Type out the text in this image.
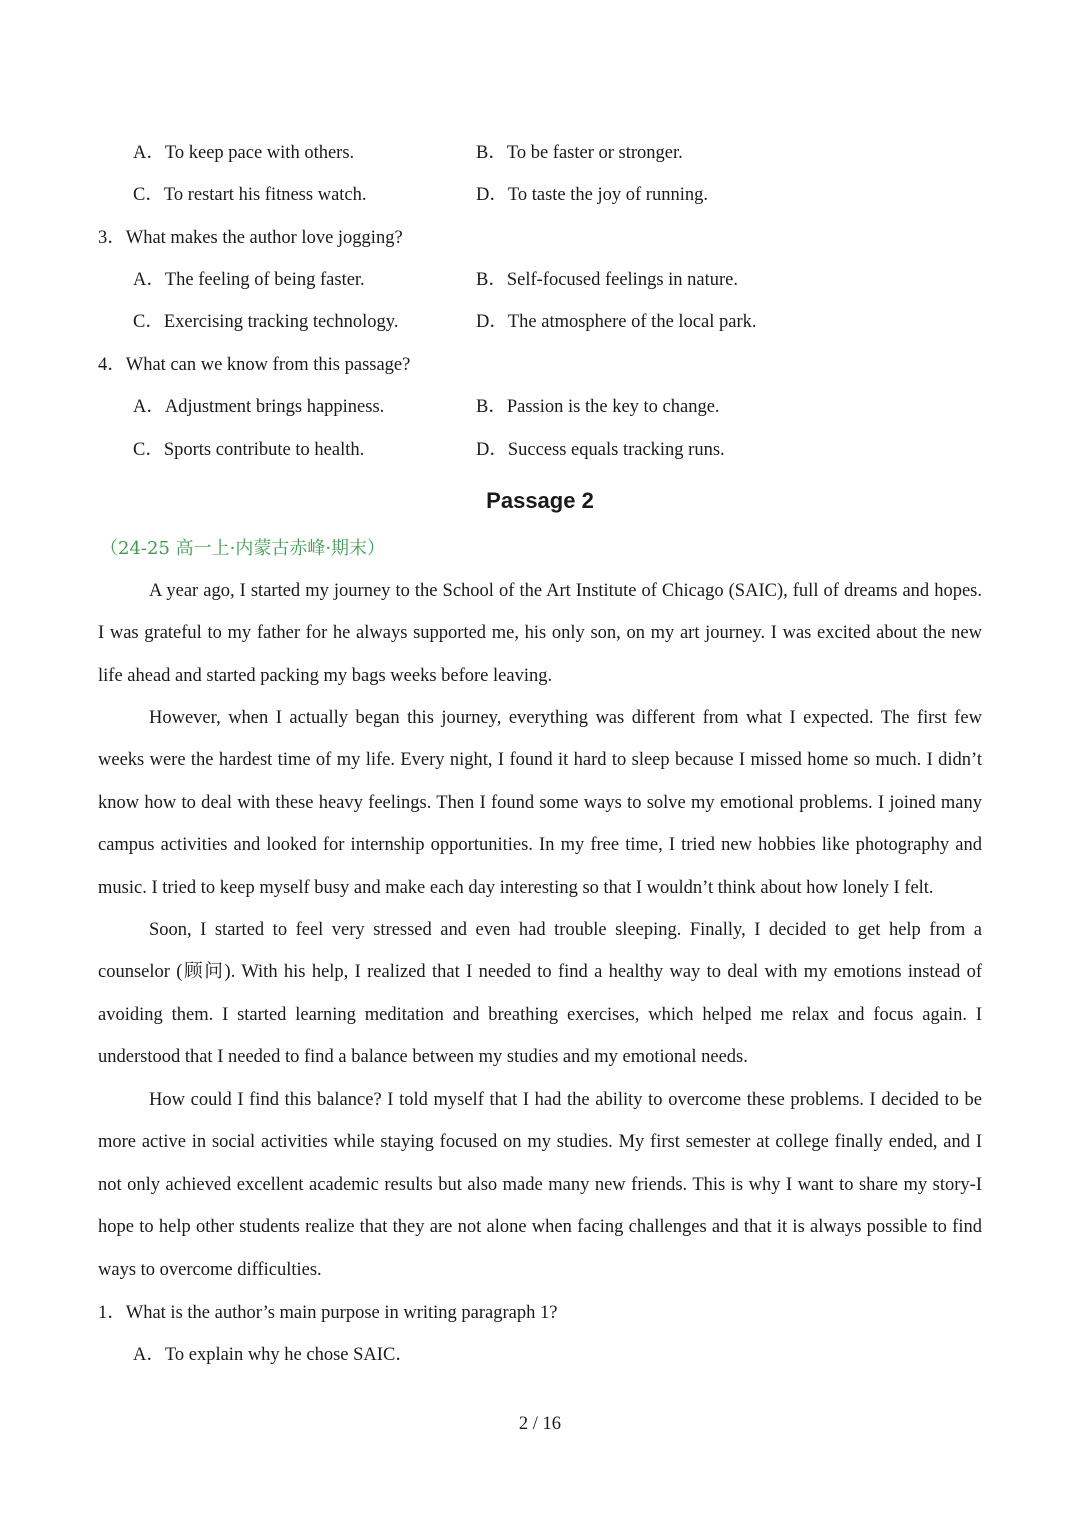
A．To keep pace with others.	B．To be faster or stronger.
C．To restart his fitness watch.	D．To taste the joy of running.
3．What makes the author love jogging?
A．The feeling of being faster.	B．Self-focused feelings in nature.
C．Exercising tracking technology.	D．The atmosphere of the local park.
4．What can we know from this passage?
A．Adjustment brings happiness.	B．Passion is the key to change.
C．Sports contribute to health.	D．Success equals tracking runs.
Passage 2
（24-25 高一上·内蒙古赤峰·期末）

A year ago, I started my journey to the School of the Art Institute of Chicago (SAIC), full of dreams and hopes. I was grateful to my father for he always supported me, his only son, on my art journey. I was excited about the new life ahead and started packing my bags weeks before leaving.

However, when I actually began this journey, everything was different from what I expected. The first few weeks were the hardest time of my life. Every night, I found it hard to sleep because I missed home so much. I didn’t know how to deal with these heavy feelings. Then I found some ways to solve my emotional problems. I joined many campus activities and looked for internship opportunities. In my free time, I tried new hobbies like photography and music. I tried to keep myself busy and make each day interesting so that I wouldn’t think about how lonely I felt.

Soon, I started to feel very stressed and even had trouble sleeping. Finally, I decided to get help from a counselor (顾问). With his help, I realized that I needed to find a healthy way to deal with my emotions instead of avoiding them. I started learning meditation and breathing exercises, which helped me relax and focus again. I understood that I needed to find a balance between my studies and my emotional needs.

How could I find this balance? I told myself that I had the ability to overcome these problems. I decided to be more active in social activities while staying focused on my studies. My first semester at college finally ended, and I not only achieved excellent academic results but also made many new friends. This is why I want to share my story-I hope to help other students realize that they are not alone when facing challenges and that it is always possible to find ways to overcome difficulties.

1．What is the author’s main purpose in writing paragraph 1?
A．To explain why he chose SAIC．
2 / 16
